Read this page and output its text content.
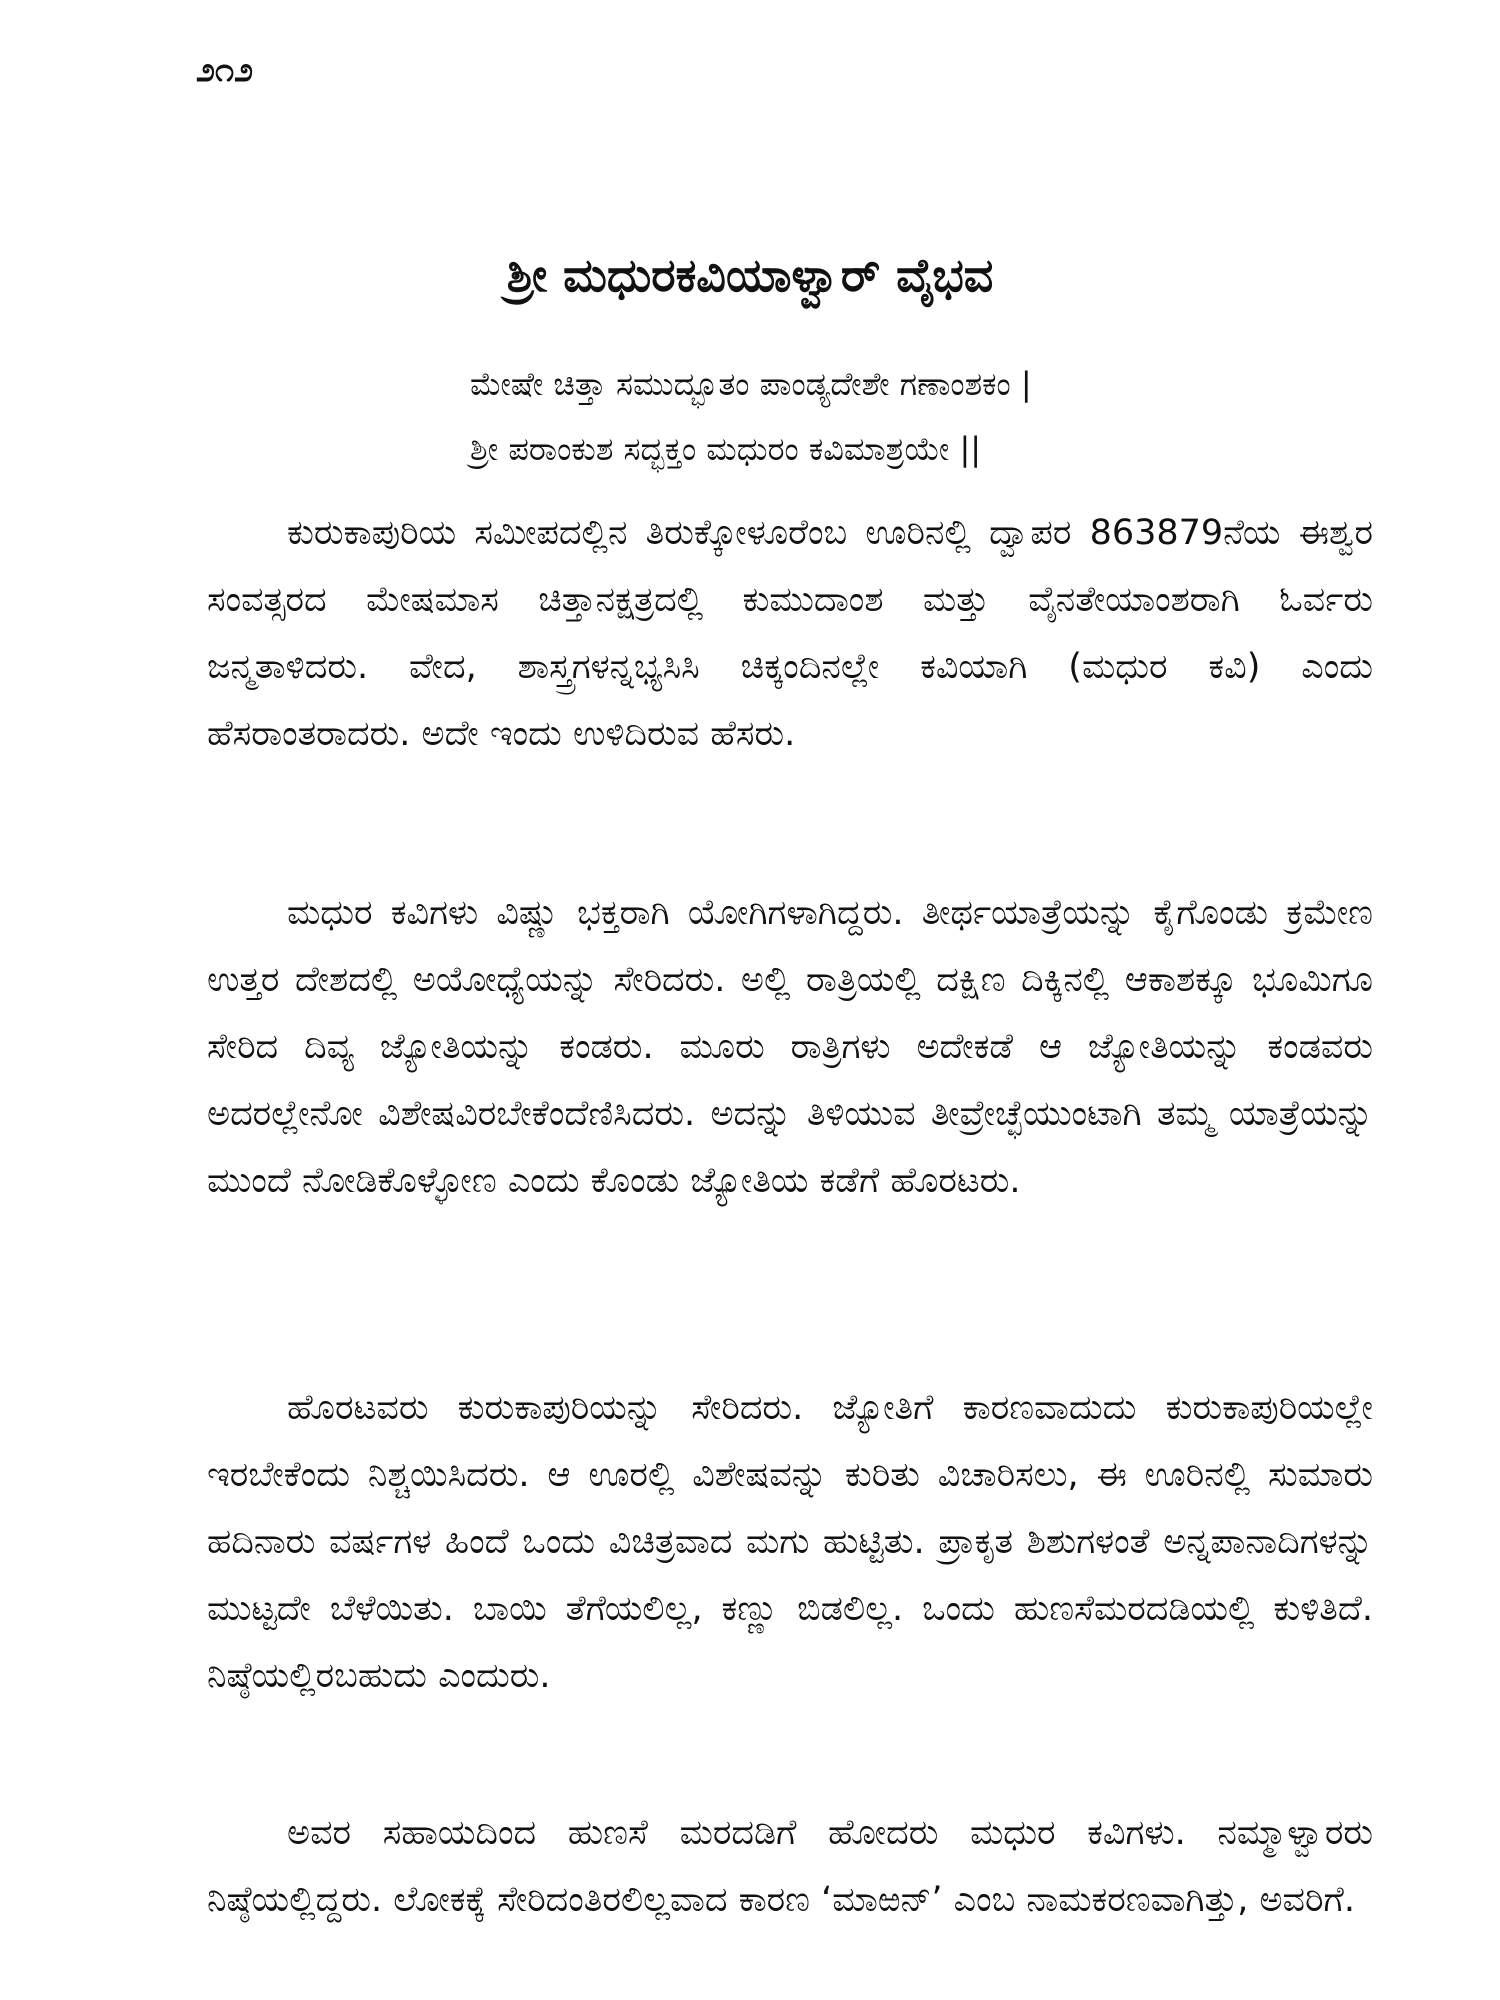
೨೧೨
ಶ್ರೀ ಮಧುರಕವಿಯಾಳ್ವಾರ್ ವೈಭವ
ಮೇಷೇ ಚಿತ್ತಾ ಸಮುದ್ಭೂತಂ ಪಾಂಡ್ಯದೇಶೇ ಗಣಾಂಶಕಂ |
ಶ್ರೀ ಪರಾಂಕುಶ ಸದ್ಭಕ್ತಂ ಮಧುರಂ ಕವಿಮಾಶ್ರಯೇ ||

ಕುರುಕಾಪುರಿಯ ಸಮೀಪದಲ್ಲಿನ ತಿರುಕ್ಕೋಳೂರೆಂಬ ಊರಿನಲ್ಲಿ ದ್ವಾಪರ 863879ನೆಯ ಈಶ್ವರ ಸಂವತ್ಸರದ ಮೇಷಮಾಸ ಚಿತ್ತಾನಕ್ಷತ್ರದಲ್ಲಿ ಕುಮುದಾಂಶ ಮತ್ತು ವೈನತೇಯಾಂಶರಾಗಿ ಓರ್ವರು ಜನ್ಮತಾಳಿದರು. ವೇದ, ಶಾಸ್ತ್ರಗಳನ್ನಭ್ಯಸಿಸಿ ಚಿಕ್ಕಂದಿನಲ್ಲೇ ಕವಿಯಾಗಿ (ಮಧುರ ಕವಿ) ಎಂದು ಹೆಸರಾಂತರಾದರು. ಅದೇ ಇಂದು ಉಳಿದಿರುವ ಹೆಸರು.

ಮಧುರ ಕವಿಗಳು ವಿಷ್ಣು ಭಕ್ತರಾಗಿ ಯೋಗಿಗಳಾಗಿದ್ದರು. ತೀರ್ಥಯಾತ್ರೆಯನ್ನು ಕೈಗೊಂಡು ಕ್ರಮೇಣ ಉತ್ತರ ದೇಶದಲ್ಲಿ ಅಯೋಧ್ಯೆಯನ್ನು ಸೇರಿದರು. ಅಲ್ಲಿ ರಾತ್ರಿಯಲ್ಲಿ ದಕ್ಷಿಣ ದಿಕ್ಕಿನಲ್ಲಿ ಆಕಾಶಕ್ಕೂ ಭೂಮಿಗೂ ಸೇರಿದ ದಿವ್ಯ ಜ್ಯೋತಿಯನ್ನು ಕಂಡರು. ಮೂರು ರಾತ್ರಿಗಳು ಅದೇಕಡೆ ಆ ಜ್ಯೋತಿಯನ್ನು ಕಂಡವರು ಅದರಲ್ಲೇನೋ ವಿಶೇಷವಿರಬೇಕೆಂದೆಣಿಸಿದರು. ಅದನ್ನು ತಿಳಿಯುವ ತೀವ್ರೇಚ್ಛೆಯುಂಟಾಗಿ ತಮ್ಮ ಯಾತ್ರೆಯನ್ನು ಮುಂದೆ ನೋಡಿಕೊಳ್ಳೋಣ ಎಂದು ಕೊಂಡು ಜ್ಯೋತಿಯ ಕಡೆಗೆ ಹೊರಟರು.

ಹೊರಟವರು ಕುರುಕಾಪುರಿಯನ್ನು ಸೇರಿದರು. ಜ್ಯೋತಿಗೆ ಕಾರಣವಾದುದು ಕುರುಕಾಪುರಿಯಲ್ಲೇ ಇರಬೇಕೆಂದು ನಿಶ್ಚಯಿಸಿದರು. ಆ ಊರಲ್ಲಿ ವಿಶೇಷವನ್ನು ಕುರಿತು ವಿಚಾರಿಸಲು, ಈ ಊರಿನಲ್ಲಿ ಸುಮಾರು ಹದಿನಾರು ವರ್ಷಗಳ ಹಿಂದೆ ಒಂದು ವಿಚಿತ್ರವಾದ ಮಗು ಹುಟ್ಟಿತು. ಪ್ರಾಕೃತ ಶಿಶುಗಳಂತೆ ಅನ್ನಪಾನಾದಿಗಳನ್ನು ಮುಟ್ಟದೇ ಬೆಳೆಯಿತು. ಬಾಯಿ ತೆಗೆಯಲಿಲ್ಲ, ಕಣ್ಣು ಬಿಡಲಿಲ್ಲ. ಒಂದು ಹುಣಸೆಮರದಡಿಯಲ್ಲಿ ಕುಳಿತಿದೆ. ನಿಷ್ಠೆಯಲ್ಲಿರಬಹುದು ಎಂದುರು.

ಅವರ ಸಹಾಯದಿಂದ ಹುಣಸೆ ಮರದಡಿಗೆ ಹೋದರು ಮಧುರ ಕವಿಗಳು. ನಮ್ಮಾಳ್ವಾರರು ನಿಷ್ಠೆಯಲ್ಲಿದ್ದರು. ಲೋಕಕ್ಕೆ ಸೇರಿದಂತಿರಲಿಲ್ಲವಾದ ಕಾರಣ ‘ಮಾಱನ್’ ಎಂಬ ನಾಮಕರಣವಾಗಿತ್ತು, ಅವರಿಗೆ.
